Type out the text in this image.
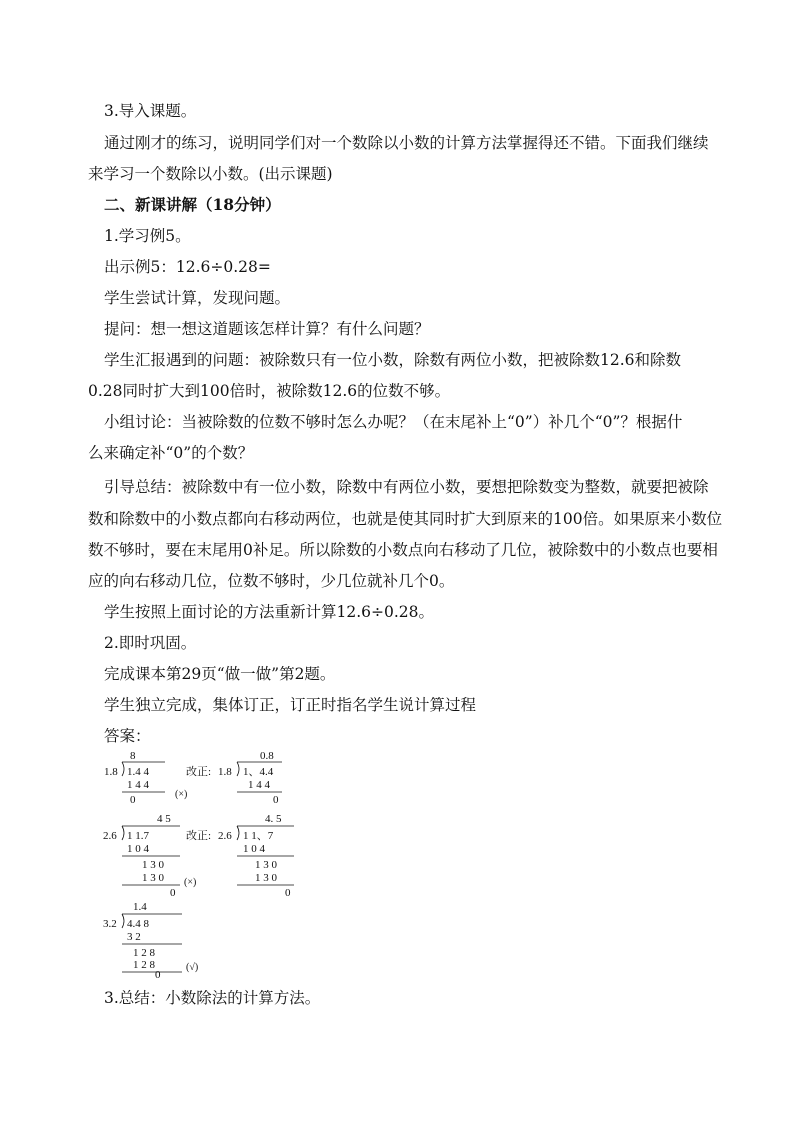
3.导入课题。
通过刚才的练习，说明同学们对一个数除以小数的计算方法掌握得还不错。下面我们继续
来学习一个数除以小数。(出示课题)
二、新课讲解（18分钟）
1.学习例5。
出示例5：12.6÷0.28=
学生尝试计算，发现问题。
提问：想一想这道题该怎样计算？有什么问题？
学生汇报遇到的问题：被除数只有一位小数，除数有两位小数，把被除数12.6和除数
0.28同时扩大到100倍时，被除数12.6的位数不够。
小组讨论：当被除数的位数不够时怎么办呢？（在末尾补上“0”）补几个“0”？根据什
么来确定补“0”的个数？
引导总结：被除数中有一位小数，除数中有两位小数，要想把除数变为整数，就要把被除
数和除数中的小数点都向右移动两位，也就是使其同时扩大到原来的100倍。如果原来小数位
数不够时，要在末尾用0补足。所以除数的小数点向右移动了几位，被除数中的小数点也要相
应的向右移动几位，位数不够时，少几位就补几个0。
学生按照上面讨论的方法重新计算12.6÷0.28。
2.即时巩固。
完成课本第29页“做一做”第2题。
学生独立完成，集体订正，订正时指名学生说计算过程
答案：
8
1.8 1.4 4
1 4 4
0	(×)
改正:
0.8
1.8 1、4.4
1 4 4
0
4 5
2.6 1 1.7
1 0 4
1 3 0
1 3 0
0
(×)
改正:
4. 5
2.6 1 1、7
1 0 4
1 3 0
1 3 0
0
1.4
3.2 4.4 8
3 2
1 2 8
1 2 8
0
(√)
3.总结：小数除法的计算方法。
